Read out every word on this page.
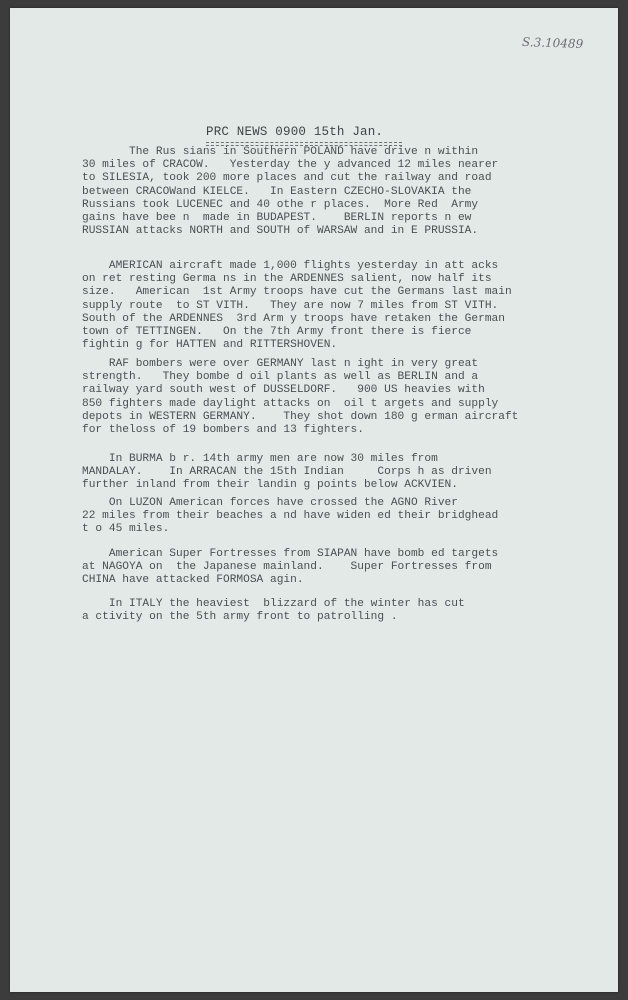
S.3.10489
PRC NEWS 0900 15th Jan.

The Rus sians in Southern POLAND have drive n within
30 miles of CRACOW.   Yesterday the y advanced 12 miles nearer
to SILESIA, took 200 more places and cut the railway and road
between CRACOWand KIELCE.   In Eastern CZECHO-SLOVAKIA the
Russians took LUCENEC and 40 othe r places.  More Red  Army
gains have bee n  made in BUDAPEST.    BERLIN reports n ew
RUSSIAN attacks NORTH and SOUTH of WARSAW and in E PRUSSIA.

AMERICAN aircraft made 1,000 flights yesterday in att acks
on ret resting Germa ns in the ARDENNES salient, now half its
size.   American  1st Army troops have cut the Germans last main
supply route  to ST VITH.   They are now 7 miles from ST VITH.
South of the ARDENNES  3rd Arm y troops have retaken the German
town of TETTINGEN.   On the 7th Army front there is fierce
fightin g for HATTEN and RITTERSHOVEN.

RAF bombers were over GERMANY last n ight in very great
strength.   They bombe d oil plants as well as BERLIN and a
railway yard south west of DUSSELDORF.   900 US heavies with
850 fighters made daylight attacks on  oil t argets and supply
depots in WESTERN GERMANY.    They shot down 180 g erman aircraft
for theloss of 19 bombers and 13 fighters.

In BURMA b r. 14th army men are now 30 miles from
MANDALAY.    In ARRACAN the 15th Indian     Corps h as driven
further inland from their landin g points below ACKVIEN.

On LUZON American forces have crossed the AGNO River
22 miles from their beaches a nd have widen ed their bridghead
t o 45 miles.

American Super Fortresses from SIAPAN have bomb ed targets
at NAGOYA on  the Japanese mainland.    Super Fortresses from
CHINA have attacked FORMOSA agin.

In ITALY the heaviest  blizzard of the winter has cut
a ctivity on the 5th army front to patrolling .
